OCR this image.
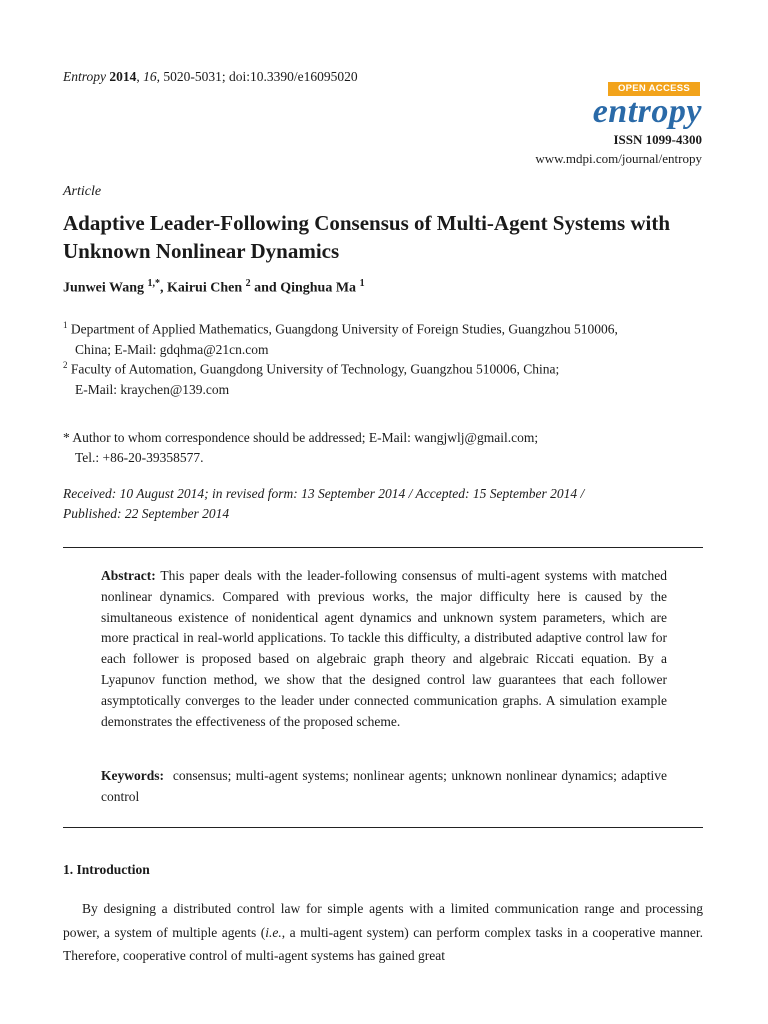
Entropy 2014, 16, 5020-5031; doi:10.3390/e16095020
OPEN ACCESS
entropy
ISSN 1099-4300
www.mdpi.com/journal/entropy
Article
Adaptive Leader-Following Consensus of Multi-Agent Systems with Unknown Nonlinear Dynamics
Junwei Wang $^{1,*}$, Kairui Chen $^2$ and Qinghua Ma $^1$
$^1$ Department of Applied Mathematics, Guangdong University of Foreign Studies, Guangzhou 510006,
China; E-Mail: gdqhma@21cn.com
$^2$ Faculty of Automation, Guangdong University of Technology, Guangzhou 510006, China;
E-Mail: kraychen@139.com
* Author to whom correspondence should be addressed; E-Mail: wangjwlj@gmail.com;
Tel.: +86-20-39358577.
Received: 10 August 2014; in revised form: 13 September 2014 / Accepted: 15 September 2014 /
Published: 22 September 2014
Abstract: This paper deals with the leader-following consensus of multi-agent systems with matched nonlinear dynamics. Compared with previous works, the major difficulty here is caused by the simultaneous existence of nonidentical agent dynamics and unknown system parameters, which are more practical in real-world applications. To tackle this difficulty, a distributed adaptive control law for each follower is proposed based on algebraic graph theory and algebraic Riccati equation. By a Lyapunov function method, we show that the designed control law guarantees that each follower asymptotically converges to the leader under connected communication graphs. A simulation example demonstrates the effectiveness of the proposed scheme.
Keywords: consensus; multi-agent systems; nonlinear agents; unknown nonlinear dynamics; adaptive control
1. Introduction
By designing a distributed control law for simple agents with a limited communication range and processing power, a system of multiple agents (i.e., a multi-agent system) can perform complex tasks in a cooperative manner. Therefore, cooperative control of multi-agent systems has gained great
